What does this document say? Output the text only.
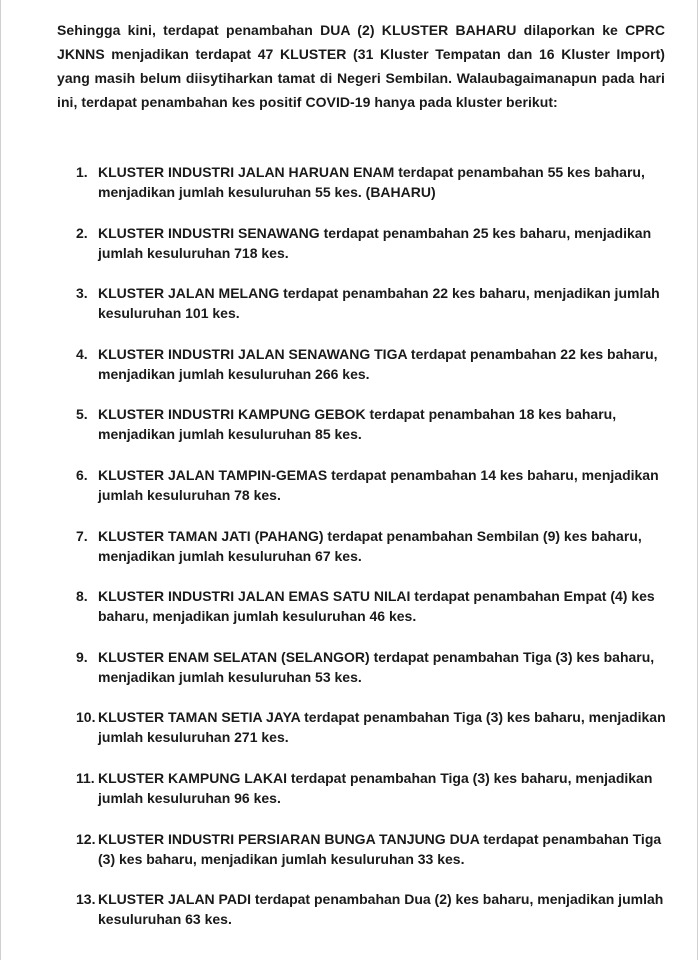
Sehingga kini, terdapat penambahan DUA (2) KLUSTER BAHARU dilaporkan ke CPRC JKNNS menjadikan terdapat 47 KLUSTER (31 Kluster Tempatan dan 16 Kluster Import) yang masih belum diisytiharkan tamat di Negeri Sembilan. Walaubagaimanapun pada hari ini, terdapat penambahan kes positif COVID-19 hanya pada kluster berikut:

1. KLUSTER INDUSTRI JALAN HARUAN ENAM terdapat penambahan 55 kes baharu, menjadikan jumlah kesuluruhan 55 kes. (BAHARU)
2. KLUSTER INDUSTRI SENAWANG terdapat penambahan 25 kes baharu, menjadikan jumlah kesuluruhan 718 kes.
3. KLUSTER JALAN MELANG terdapat penambahan 22 kes baharu, menjadikan jumlah kesuluruhan 101 kes.
4. KLUSTER INDUSTRI JALAN SENAWANG TIGA terdapat penambahan 22 kes baharu, menjadikan jumlah kesuluruhan 266 kes.
5. KLUSTER INDUSTRI KAMPUNG GEBOK terdapat penambahan 18 kes baharu, menjadikan jumlah kesuluruhan 85 kes.
6. KLUSTER JALAN TAMPIN-GEMAS terdapat penambahan 14 kes baharu, menjadikan jumlah kesuluruhan 78 kes.
7. KLUSTER TAMAN JATI (PAHANG) terdapat penambahan Sembilan (9) kes baharu, menjadikan jumlah kesuluruhan 67 kes.
8. KLUSTER INDUSTRI JALAN EMAS SATU NILAI terdapat penambahan Empat (4) kes baharu, menjadikan jumlah kesuluruhan 46 kes.
9. KLUSTER ENAM SELATAN (SELANGOR) terdapat penambahan Tiga (3) kes baharu, menjadikan jumlah kesuluruhan 53 kes.
10. KLUSTER TAMAN SETIA JAYA terdapat penambahan Tiga (3) kes baharu, menjadikan jumlah kesuluruhan 271 kes.
11. KLUSTER KAMPUNG LAKAI terdapat penambahan Tiga (3) kes baharu, menjadikan jumlah kesuluruhan 96 kes.
12. KLUSTER INDUSTRI PERSIARAN BUNGA TANJUNG DUA terdapat penambahan Tiga (3) kes baharu, menjadikan jumlah kesuluruhan 33 kes.
13. KLUSTER JALAN PADI terdapat penambahan Dua (2) kes baharu, menjadikan jumlah kesuluruhan 63 kes.
